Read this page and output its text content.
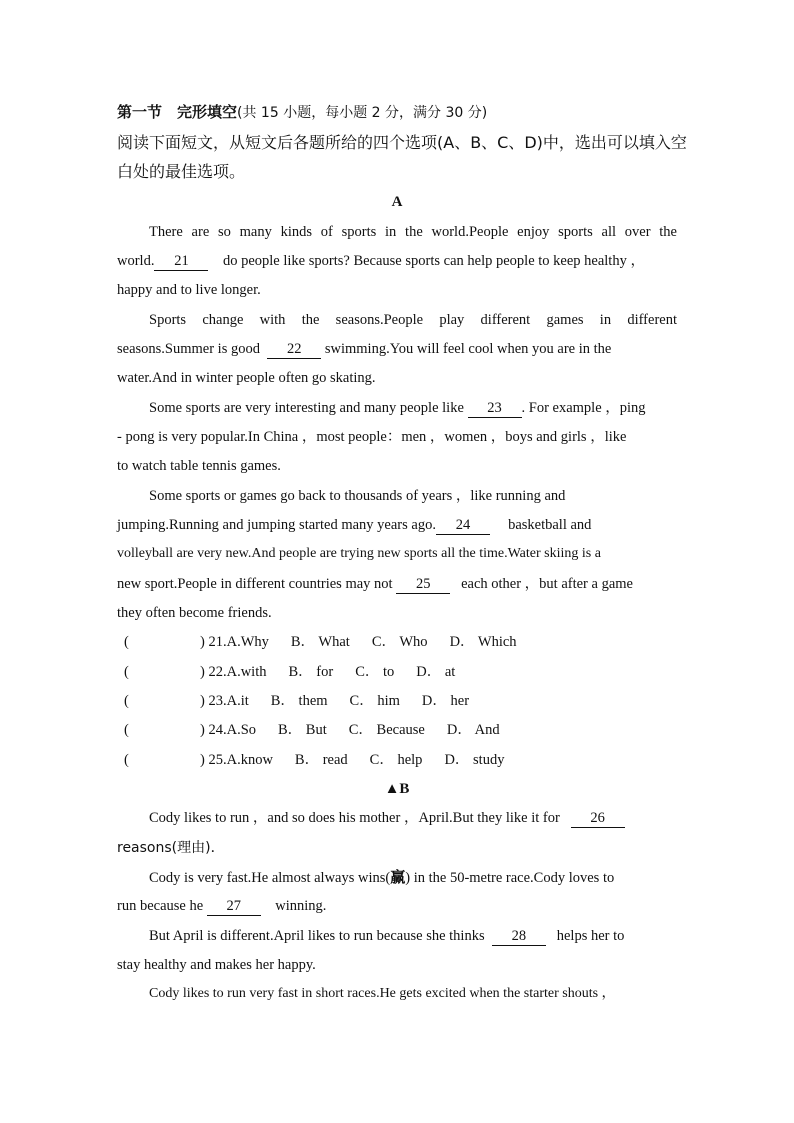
第一节　完形填空(共 15 小题，每小题 2 分，满分 30 分)
阅读下面短文，从短文后各题所给的四个选项(A、B、C、D)中，选出可以填入空
白处的最佳选项。
A
There are so many kinds of sports in the world.People enjoy sports all over the
world. 21 do people like sports? Because sports can help people to keep healthy ，
happy and to live longer.
Sports change with the seasons.People play different games in different
seasons.Summer is good 22 swimming.You will feel cool when you are in the
water.And in winter people often go skating.
Some sports are very interesting and many people like 23 . For example ，ping
- pong is very popular.In China ，most people：men ，women ，boys and girls ，like
to watch table tennis games.
Some sports or games go back to thousands of years ，like running and
jumping.Running and jumping started many years ago. 24	basketball and
volleyball are very new.And people are trying new sports all the time.Water skiing is a
new sport.People in different countries may not 25 each other ，but after a game
they often become friends.
(	) 21.A.Why B． What C． Who D． Which
(	) 22.A.with B． for C． to D． at
(	) 23.A.it B． them C． him D． her
(	) 24.A.So B． But C． Because D． And
(	) 25.A.know B． read C． help D． study
▲B
Cody likes to run ，and so does his mother ，April.But they like it for 26
reasons(理由)．
Cody is very fast.He almost always wins(赢) in the 50-metre race.Cody loves to
run because he 27 winning.
But April is different.April likes to run because she thinks 28 helps her to
stay healthy and makes her happy.
Cody likes to run very fast in short races.He gets excited when the starter shouts ，
